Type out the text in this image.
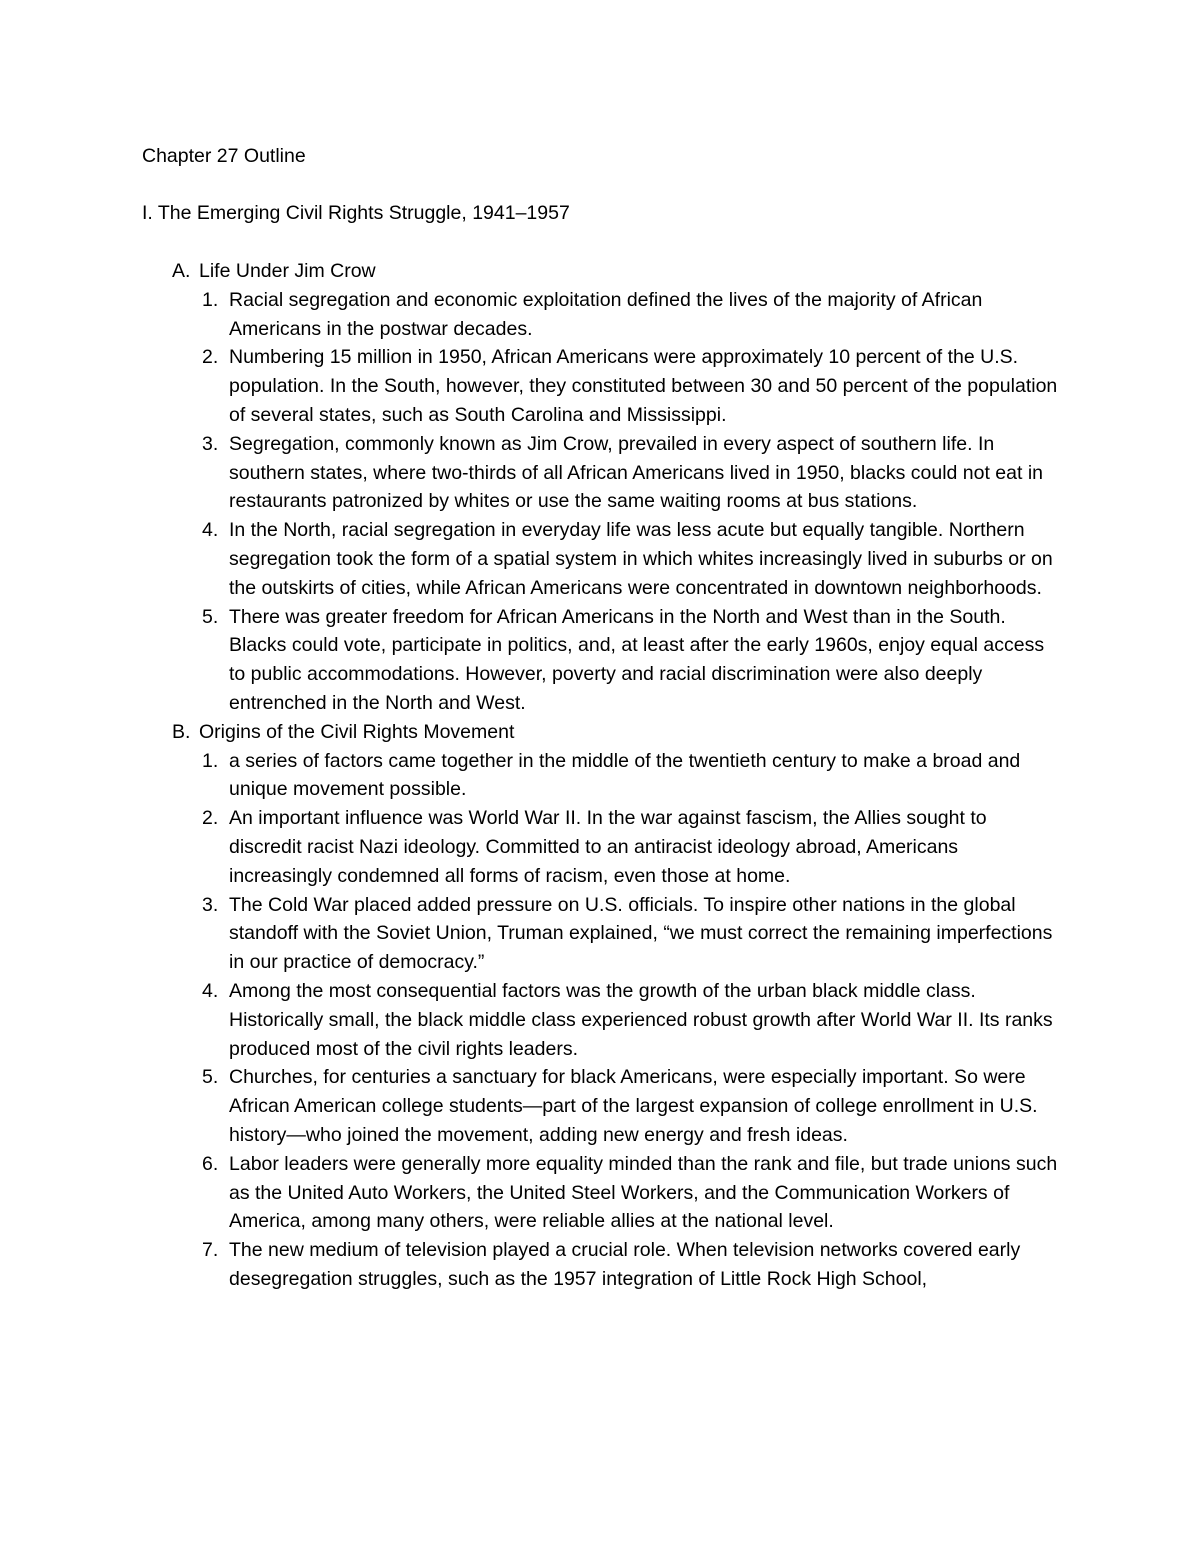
Chapter 27 Outline
I. The Emerging Civil Rights Struggle, 1941–1957
A. Life Under Jim Crow
1. Racial segregation and economic exploitation defined the lives of the majority of African Americans in the postwar decades.
2. Numbering 15 million in 1950, African Americans were approximately 10 percent of the U.S. population. In the South, however, they constituted between 30 and 50 percent of the population of several states, such as South Carolina and Mississippi.
3. Segregation, commonly known as Jim Crow, prevailed in every aspect of southern life. In southern states, where two-thirds of all African Americans lived in 1950, blacks could not eat in restaurants patronized by whites or use the same waiting rooms at bus stations.
4. In the North, racial segregation in everyday life was less acute but equally tangible. Northern segregation took the form of a spatial system in which whites increasingly lived in suburbs or on the outskirts of cities, while African Americans were concentrated in downtown neighborhoods.
5. There was greater freedom for African Americans in the North and West than in the South. Blacks could vote, participate in politics, and, at least after the early 1960s, enjoy equal access to public accommodations. However, poverty and racial discrimination were also deeply entrenched in the North and West.
B. Origins of the Civil Rights Movement
1. a series of factors came together in the middle of the twentieth century to make a broad and unique movement possible.
2. An important influence was World War II. In the war against fascism, the Allies sought to discredit racist Nazi ideology. Committed to an antiracist ideology abroad, Americans increasingly condemned all forms of racism, even those at home.
3. The Cold War placed added pressure on U.S. officials. To inspire other nations in the global standoff with the Soviet Union, Truman explained, “we must correct the remaining imperfections in our practice of democracy.”
4. Among the most consequential factors was the growth of the urban black middle class. Historically small, the black middle class experienced robust growth after World War II. Its ranks produced most of the civil rights leaders.
5. Churches, for centuries a sanctuary for black Americans, were especially important. So were African American college students—part of the largest expansion of college enrollment in U.S. history—who joined the movement, adding new energy and fresh ideas.
6. Labor leaders were generally more equality minded than the rank and file, but trade unions such as the United Auto Workers, the United Steel Workers, and the Communication Workers of America, among many others, were reliable allies at the national level.
7. The new medium of television played a crucial role. When television networks covered early desegregation struggles, such as the 1957 integration of Little Rock High School,
